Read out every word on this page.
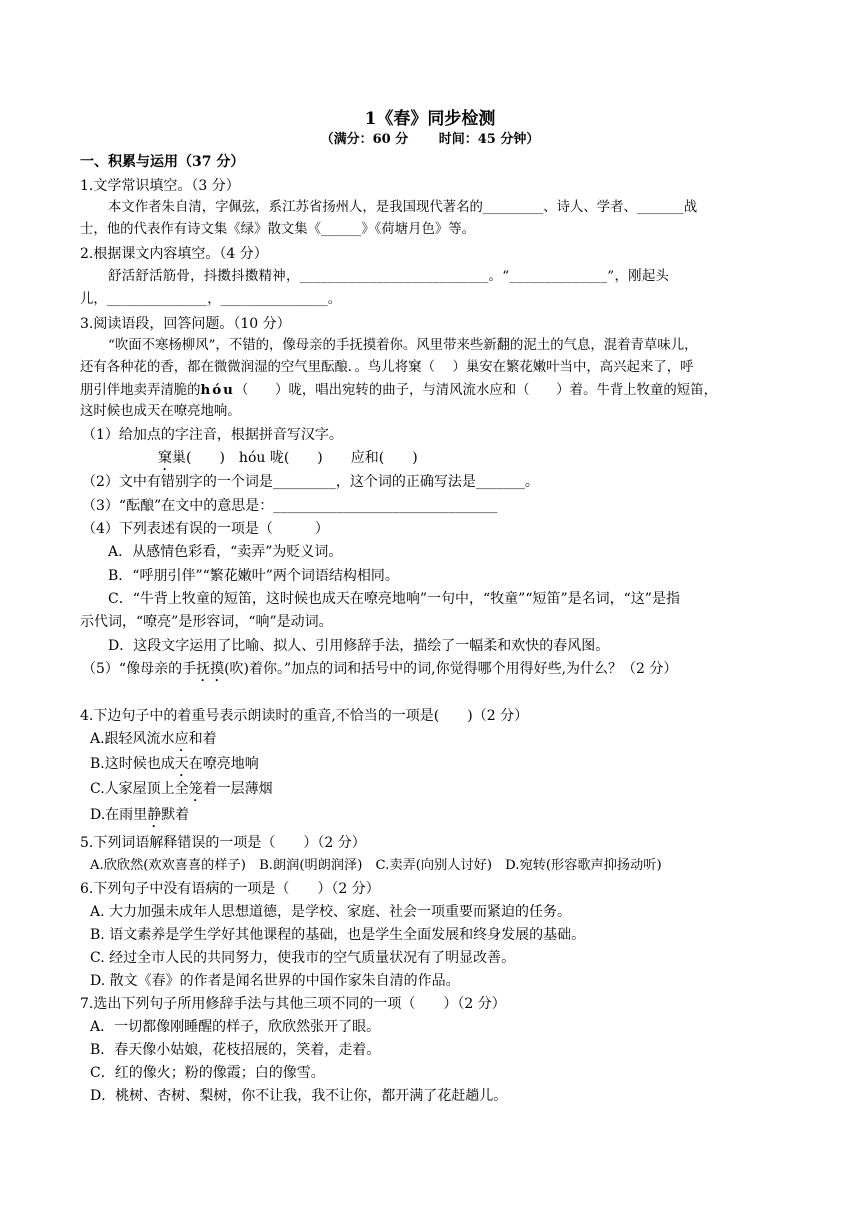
1《春》同步检测
（满分：60 分　　 时间：45 分钟）
一、积累与运用（37 分）
1.文学常识填空。（3 分）
本文作者朱自清，字佩弦，系江苏省扬州人，是我国现代著名的_________、诗人、学者、_______战
士，他的代表作有诗文集《绿》散文集《______》《荷塘月色》等。
2.根据课文内容填空。（4 分）
舒活舒活筋骨，抖擞抖擞精神，___________________________。“______________”，刚起头
儿，_______________，________________。
3.阅读语段，回答问题。（10 分）
“吹面不寒杨柳风”，不错的，像母亲的手抚摸着你。风里带来些新翻的泥土的气息，混着青草味儿，
还有各种花的香，都在微微润湿的空气里酝酿．。鸟儿将窠（　 ）巢安在繁花嫩叶当中，高兴起来了，呼
朋引伴地卖弄清脆的hóu（　　）咙，唱出宛转的曲子，与清风流水应和（　　）着。牛背上牧童的短笛，
这时候也成天在嘹亮地响。
（1）给加点的字注音，根据拼音写汉字。
窠巢(　　)　hóu 咙(　　)　　应和(　　)
（2）文中有错别字的一个词是_________，这个词的正确写法是_______。
（3）“酝酿”在文中的意思是：________________________________
（4）下列表述有误的一项是（　　　）
A．从感情色彩看，“卖弄”为贬义词。
B．“呼朋引伴”“繁花嫩叶”两个词语结构相同。
C．“牛背上牧童的短笛，这时候也成天在嘹亮地响”一句中，“牧童”“短笛”是名词，“这”是指
示代词，“嘹亮”是形容词，“响”是动词。
D．这段文字运用了比喻、拟人、引用修辞手法，描绘了一幅柔和欢快的春风图。
（5）“像母亲的手抚摸(吹)着你。”加点的词和括号中的词,你觉得哪个用得好些,为什么？（2 分）
4.下边句子中的着重号表示朗读时的重音,不恰当的一项是(　　)（2 分）
A.跟轻风流水应和着
B.这时候也成天在嘹亮地响
C.人家屋顶上全笼着一层薄烟
D.在雨里静默着
5.下列词语解释错误的一项是（　　）（2 分）
A.欣欣然(欢欢喜喜的样子)　B.朗润(明朗润泽)　C.卖弄(向别人讨好)　D.宛转(形容歌声抑扬动听)
6.下列句子中没有语病的一项是（　　）（2 分）
A. 大力加强未成年人思想道德，是学校、家庭、社会一项重要而紧迫的任务。
B. 语文素养是学生学好其他课程的基础，也是学生全面发展和终身发展的基础。
C. 经过全市人民的共同努力，使我市的空气质量状况有了明显改善。
D. 散文《春》的作者是闻名世界的中国作家朱自清的作品。
7.选出下列句子所用修辞手法与其他三项不同的一项（　　）（2 分）
A．一切都像刚睡醒的样子，欣欣然张开了眼。
B．春天像小姑娘，花枝招展的，笑着，走着。
C．红的像火；粉的像霞；白的像雪。
D．桃树、杏树、梨树，你不让我，我不让你，都开满了花赶趟儿。
